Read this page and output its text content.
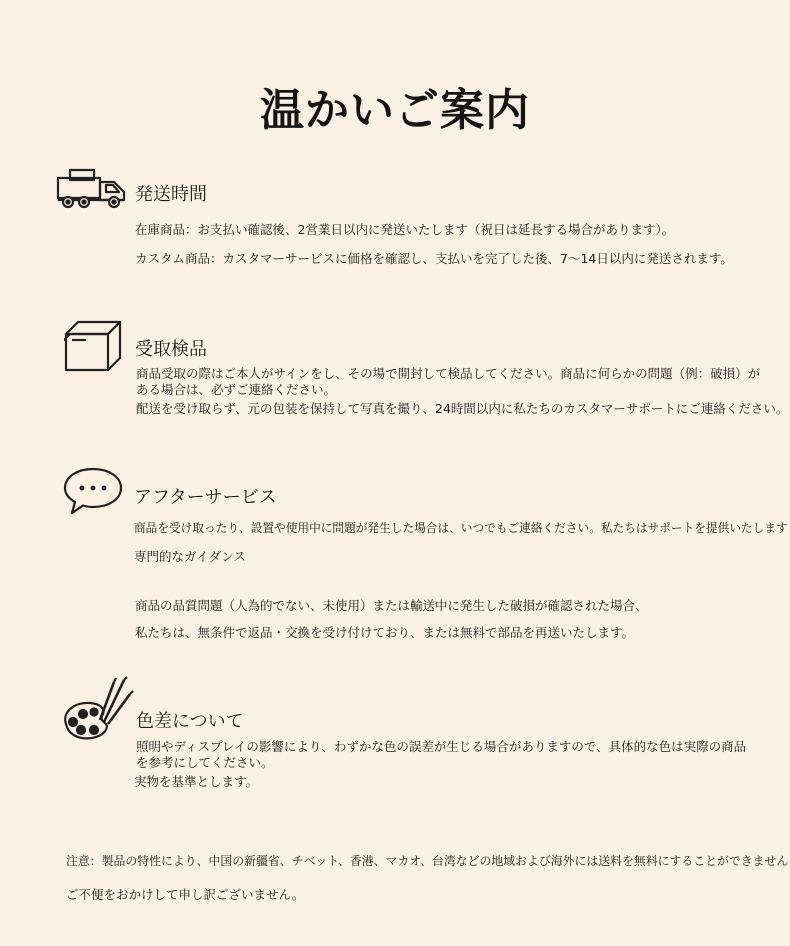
温かいご案内
発送時間
在庫商品：お支払い確認後、2営業日以内に発送いたします（祝日は延長する場合があります）。
カスタム商品：カスタマーサービスに価格を確認し、支払いを完了した後、7〜14日以内に発送されます。
受取検品
商品受取の際はご本人がサインをし、その場で開封して検品してください。商品に何らかの問題（例：破損）が
ある場合は、必ずご連絡ください。
配送を受け取らず、元の包装を保持して写真を撮り、24時間以内に私たちのカスタマーサポートにご連絡ください。
アフターサービス
商品を受け取ったり、設置や使用中に問題が発生した場合は、いつでもご連絡ください。私たちはサポートを提供いたします
専門的なガイダンス
商品の品質問題（人為的でない、未使用）または輸送中に発生した破損が確認された場合、
私たちは、無条件で返品・交換を受け付けており、または無料で部品を再送いたします。
色差について
照明やディスプレイの影響により、わずかな色の誤差が生じる場合がありますので、具体的な色は実際の商品
を参考にしてください。
実物を基準とします。
注意：製品の特性により、中国の新疆省、チベット、香港、マカオ、台湾などの地域および海外には送料を無料にすることができません
ご不便をおかけして申し訳ございません。
